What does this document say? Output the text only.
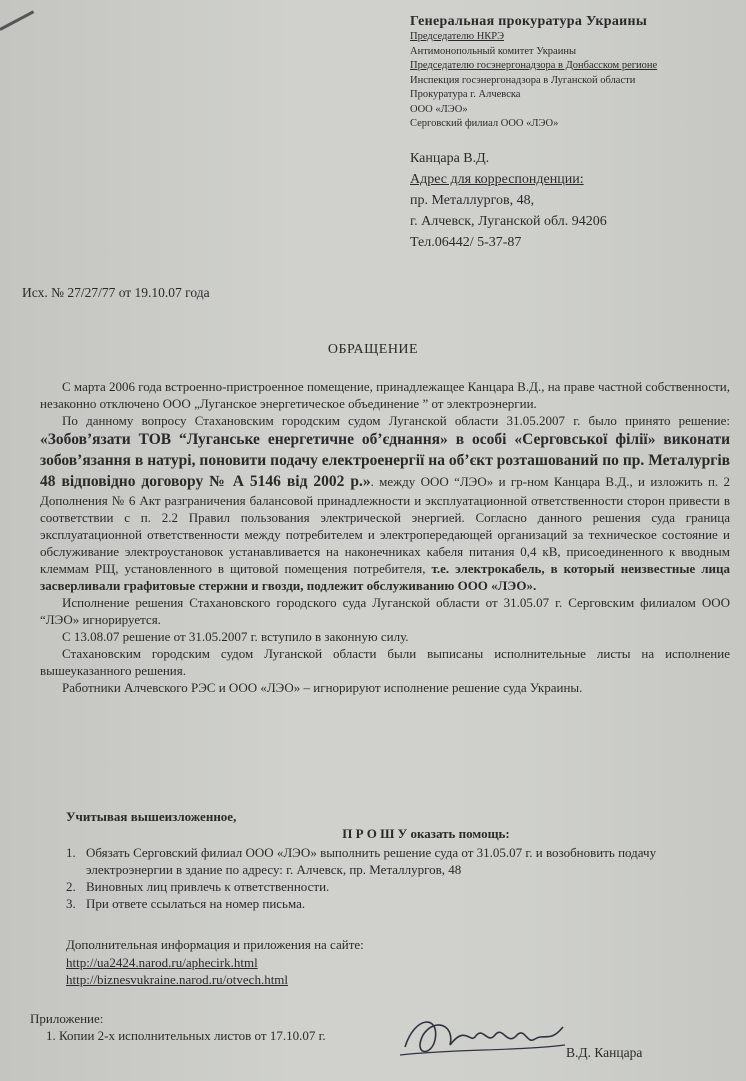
Генеральная прокуратура Украины
Председателю НКРЭ
Антимонопольный комитет Украины
Председателю госэнергонадзора в Донбасском регионе
Инспекция госэнергонадзора в Луганской области
Прокуратура г. Алчевска
ООО «ЛЭО»
Серговский филиал ООО «ЛЭО»
Канцара В.Д.
Адрес для корреспонденции:
пр. Металлургов, 48,
г. Алчевск, Луганской обл. 94206
Тел.06442/ 5-37-87
Исх. № 27/27/77 от 19.10.07 года
ОБРАЩЕНИЕ

С марта 2006 года встроенно-пристроенное помещение, принадлежащее Канцара В.Д., на праве частной собственности, незаконно отключено ООО „Луганское энергетическое объединение ” от электроэнергии.

По данному вопросу Стахановским городским судом Луганской области 31.05.2007 г. было принято решение: «Зобов’язати ТОВ “Луганське енергетичне об’єднання» в особі «Серговської філії» виконати зобов’язання в натурі, поновити подачу електроенергії на об’єкт розташований по пр. Металургів 48 відповідно договору № А 5146 від 2002 р.». между ООО “ЛЭО» и гр-ном Канцара В.Д., и изложить п. 2 Дополнения № 6 Акт разграничения балансовой принадлежности и эксплуатационной ответственности сторон привести в соответствии с п. 2.2 Правил пользования электрической энергией. Согласно данного решения суда граница эксплуатационной ответственности между потребителем и электропередающей организаций за техническое состояние и обслуживание электроустановок устанавливается на наконечниках кабеля питания 0,4 кВ, присоединенного к вводным клеммам РЩ, установленного в щитовой помещения потребителя, т.е. электрокабель, в который неизвестные лица засверливали графитовые стержни и гвозди, подлежит обслуживанию ООО «ЛЭО».

Исполнение решения Стахановского городского суда Луганской области от 31.05.07 г. Серговским филиалом ООО “ЛЭО» игнорируется.

С 13.08.07 решение от 31.05.2007 г. вступило в законную силу.

Стахановским городским судом Луганской области были выписаны исполнительные листы на исполнение вышеуказанного решения.

Работники Алчевского РЭС и ООО «ЛЭО» – игнорируют исполнение решение суда Украины.

Учитывая вышеизложенное,
П Р О Ш У оказать помощь:
1. Обязать Серговский филиал ООО «ЛЭО» выполнить решение суда от 31.05.07 г. и возобновить подачу электроэнергии в здание по адресу: г. Алчевск, пр. Металлургов, 48
2. Виновных лиц привлечь к ответственности.
3. При ответе ссылаться на номер письма.
Дополнительная информация и приложения на сайте:
http://ua2424.narod.ru/aphecirk.html
http://biznesvukraine.narod.ru/otvech.html
Приложение:
1. Копии 2-х исполнительных листов от 17.10.07 г.
В.Д. Канцара
